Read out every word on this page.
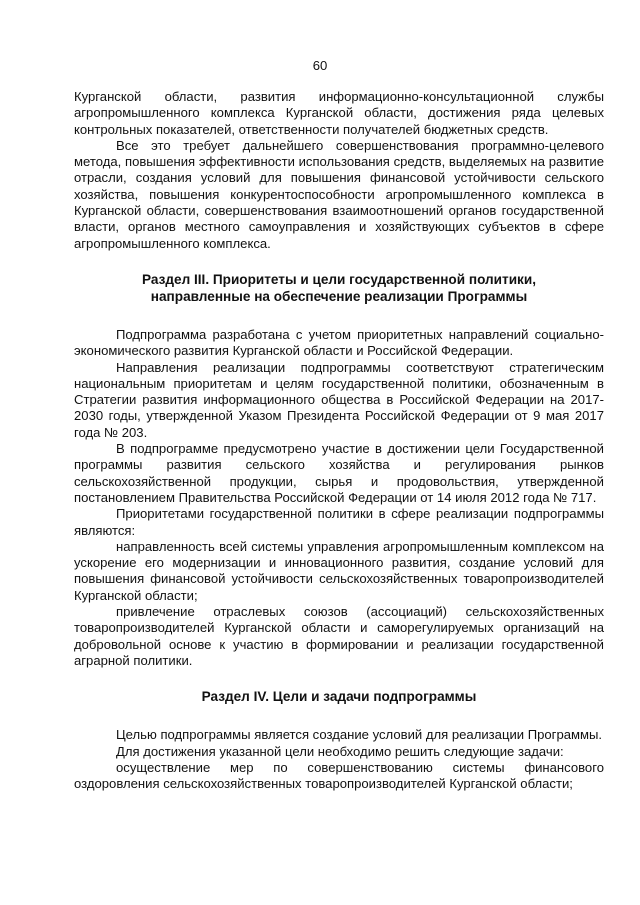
60

Курганской области, развития информационно-консультационной службы агропромышленного комплекса Курганской области, достижения ряда целевых контрольных показателей, ответственности получателей бюджетных средств.

Все это требует дальнейшего совершенствования программно-целевого метода, повышения эффективности использования средств, выделяемых на развитие отрасли, создания условий для повышения финансовой устойчивости сельского хозяйства, повышения конкурентоспособности агропромышленного комплекса в Курганской области, совершенствования взаимоотношений органов государственной власти, органов местного самоуправления и хозяйствующих субъектов в сфере агропромышленного комплекса.

Раздел III. Приоритеты и цели государственной политики,
направленные на обеспечение реализации Программы

Подпрограмма разработана с учетом приоритетных направлений социально-экономического развития Курганской области и Российской Федерации.

Направления реализации подпрограммы соответствуют стратегическим национальным приоритетам и целям государственной политики, обозначенным в Стратегии развития информационного общества в Российской Федерации на 2017-2030 годы, утвержденной Указом Президента Российской Федерации от 9 мая 2017 года № 203.

В подпрограмме предусмотрено участие в достижении цели Государственной программы развития сельского хозяйства и регулирования рынков сельскохозяйственной продукции, сырья и продовольствия, утвержденной постановлением Правительства Российской Федерации от 14 июля 2012 года № 717.

Приоритетами государственной политики в сфере реализации подпрограммы являются:

направленность всей системы управления агропромышленным комплексом на ускорение его модернизации и инновационного развития, создание условий для повышения финансовой устойчивости сельскохозяйственных товаропроизводителей Курганской области;

привлечение отраслевых союзов (ассоциаций) сельскохозяйственных товаропроизводителей Курганской области и саморегулируемых организаций на добровольной основе к участию в формировании и реализации государственной аграрной политики.

Раздел IV. Цели и задачи подпрограммы

Целью подпрограммы является создание условий для реализации Программы.

Для достижения указанной цели необходимо решить следующие задачи:

осуществление мер по совершенствованию системы финансового оздоровления сельскохозяйственных товаропроизводителей Курганской области;
